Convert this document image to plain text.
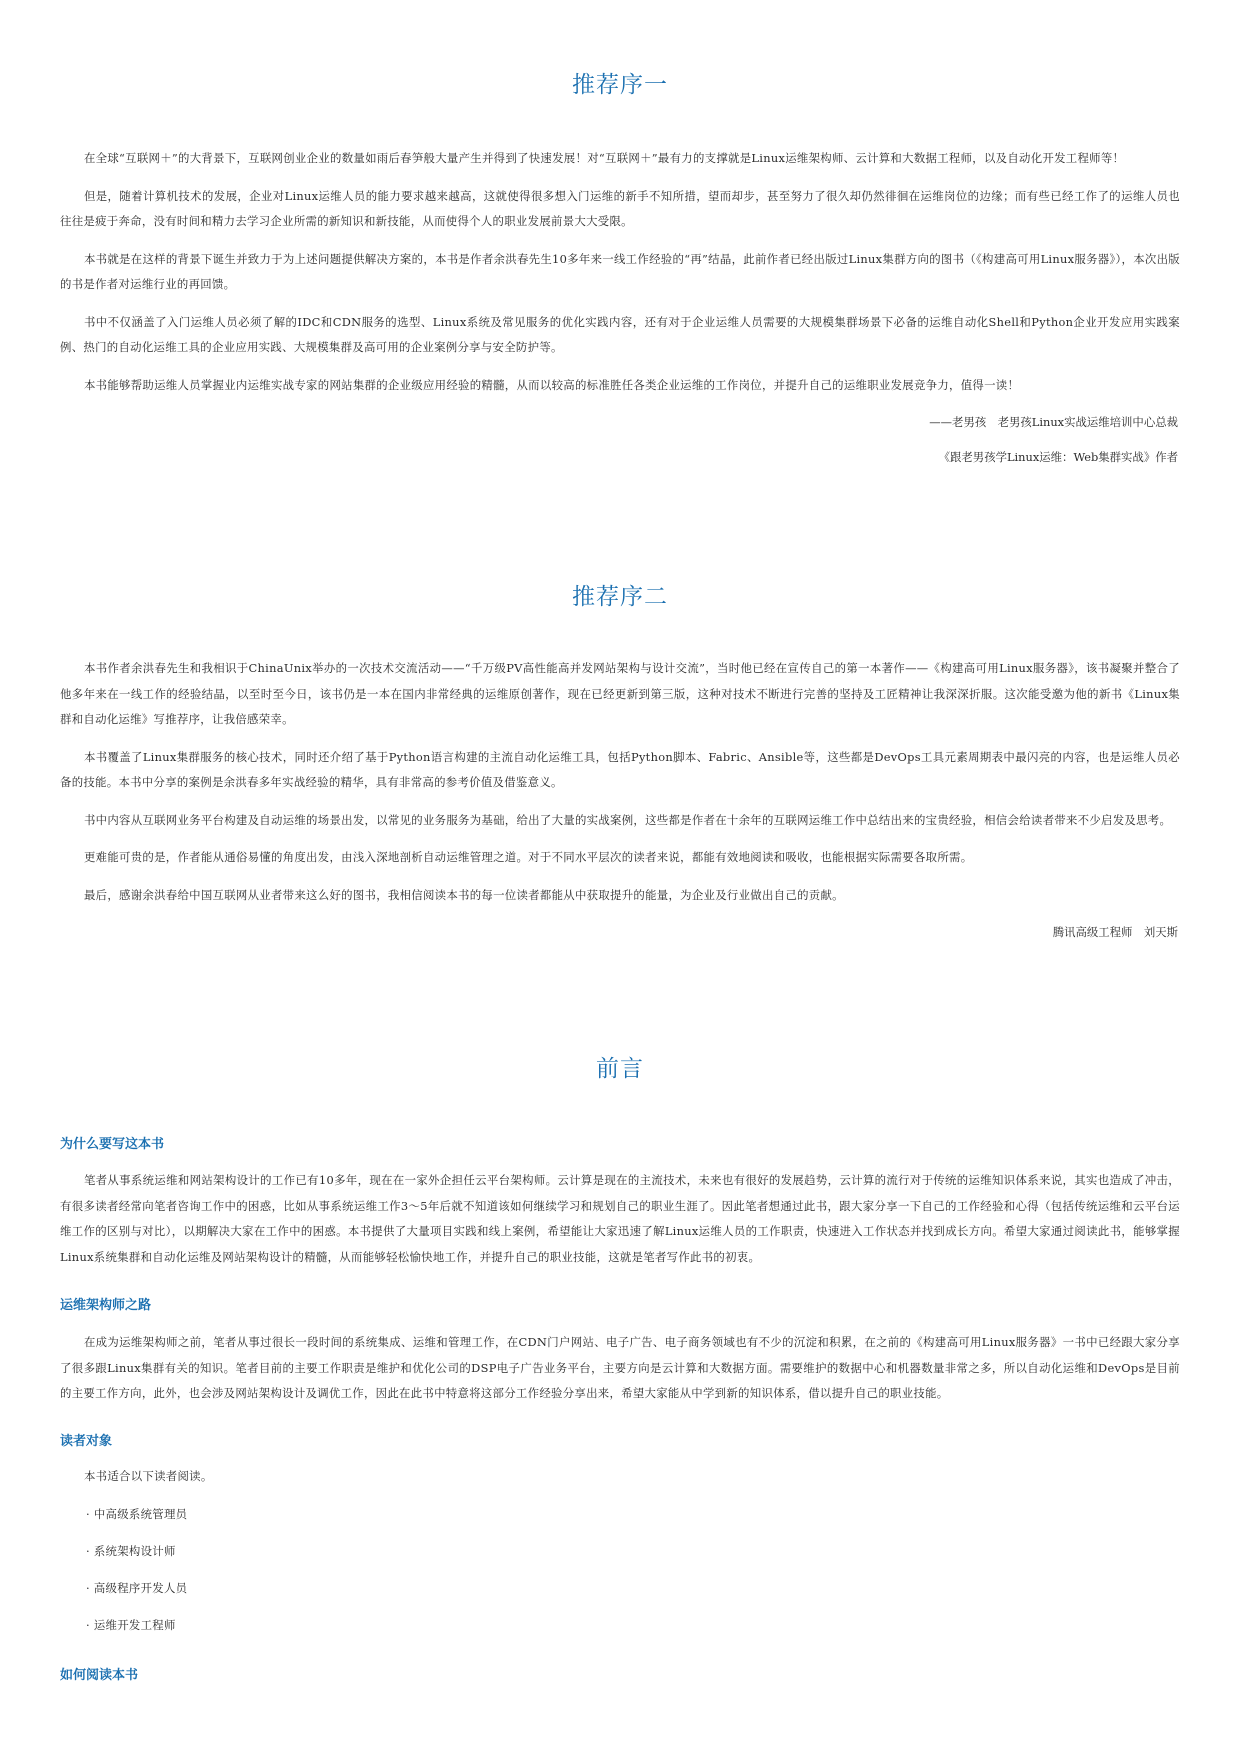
推荐序一

在全球“互联网＋”的大背景下，互联网创业企业的数量如雨后春笋般大量产生并得到了快速发展！对“互联网＋”最有力的支撑就是Linux运维架构师、云计算和大数据工程师，以及自动化开发工程师等！

但是，随着计算机技术的发展，企业对Linux运维人员的能力要求越来越高，这就使得很多想入门运维的新手不知所措，望而却步，甚至努力了很久却仍然徘徊在运维岗位的边缘；而有些已经工作了的运维人员也往往是疲于奔命，没有时间和精力去学习企业所需的新知识和新技能，从而使得个人的职业发展前景大大受限。

本书就是在这样的背景下诞生并致力于为上述问题提供解决方案的，本书是作者余洪春先生10多年来一线工作经验的“再”结晶，此前作者已经出版过Linux集群方向的图书（《构建高可用Linux服务器》），本次出版的书是作者对运维行业的再回馈。

书中不仅涵盖了入门运维人员必须了解的IDC和CDN服务的选型、Linux系统及常见服务的优化实践内容，还有对于企业运维人员需要的大规模集群场景下必备的运维自动化Shell和Python企业开发应用实践案例、热门的自动化运维工具的企业应用实践、大规模集群及高可用的企业案例分享与安全防护等。

本书能够帮助运维人员掌握业内运维实战专家的网站集群的企业级应用经验的精髓，从而以较高的标准胜任各类企业运维的工作岗位，并提升自己的运维职业发展竞争力，值得一读！

——老男孩　老男孩Linux实战运维培训中心总裁

《跟老男孩学Linux运维：Web集群实战》作者

推荐序二

本书作者余洪春先生和我相识于ChinaUnix举办的一次技术交流活动——“千万级PV高性能高并发网站架构与设计交流”，当时他已经在宣传自己的第一本著作——《构建高可用Linux服务器》，该书凝聚并整合了他多年来在一线工作的经验结晶，以至时至今日，该书仍是一本在国内非常经典的运维原创著作，现在已经更新到第三版，这种对技术不断进行完善的坚持及工匠精神让我深深折服。这次能受邀为他的新书《Linux集群和自动化运维》写推荐序，让我倍感荣幸。

本书覆盖了Linux集群服务的核心技术，同时还介绍了基于Python语言构建的主流自动化运维工具，包括Python脚本、Fabric、Ansible等，这些都是DevOps工具元素周期表中最闪亮的内容，也是运维人员必备的技能。本书中分享的案例是余洪春多年实战经验的精华，具有非常高的参考价值及借鉴意义。

书中内容从互联网业务平台构建及自动运维的场景出发，以常见的业务服务为基础，给出了大量的实战案例，这些都是作者在十余年的互联网运维工作中总结出来的宝贵经验，相信会给读者带来不少启发及思考。

更难能可贵的是，作者能从通俗易懂的角度出发，由浅入深地剖析自动运维管理之道。对于不同水平层次的读者来说，都能有效地阅读和吸收，也能根据实际需要各取所需。

最后，感谢余洪春给中国互联网从业者带来这么好的图书，我相信阅读本书的每一位读者都能从中获取提升的能量，为企业及行业做出自己的贡献。

腾讯高级工程师　刘天斯

前言
为什么要写这本书

笔者从事系统运维和网站架构设计的工作已有10多年，现在在一家外企担任云平台架构师。云计算是现在的主流技术，未来也有很好的发展趋势，云计算的流行对于传统的运维知识体系来说，其实也造成了冲击，有很多读者经常向笔者咨询工作中的困惑，比如从事系统运维工作3～5年后就不知道该如何继续学习和规划自己的职业生涯了。因此笔者想通过此书，跟大家分享一下自己的工作经验和心得（包括传统运维和云平台运维工作的区别与对比），以期解决大家在工作中的困惑。本书提供了大量项目实践和线上案例，希望能让大家迅速了解Linux运维人员的工作职责，快速进入工作状态并找到成长方向。希望大家通过阅读此书，能够掌握Linux系统集群和自动化运维及网站架构设计的精髓，从而能够轻松愉快地工作，并提升自己的职业技能，这就是笔者写作此书的初衷。

运维架构师之路

在成为运维架构师之前，笔者从事过很长一段时间的系统集成、运维和管理工作，在CDN门户网站、电子广告、电子商务领域也有不少的沉淀和积累，在之前的《构建高可用Linux服务器》一书中已经跟大家分享了很多跟Linux集群有关的知识。笔者目前的主要工作职责是维护和优化公司的DSP电子广告业务平台，主要方向是云计算和大数据方面。需要维护的数据中心和机器数量非常之多，所以自动化运维和DevOps是目前的主要工作方向，此外，也会涉及网站架构设计及调优工作，因此在此书中特意将这部分工作经验分享出来，希望大家能从中学到新的知识体系，借以提升自己的职业技能。

读者对象

本书适合以下读者阅读。

· 中高级系统管理员

· 系统架构设计师

· 高级程序开发人员

· 运维开发工程师

如何阅读本书
